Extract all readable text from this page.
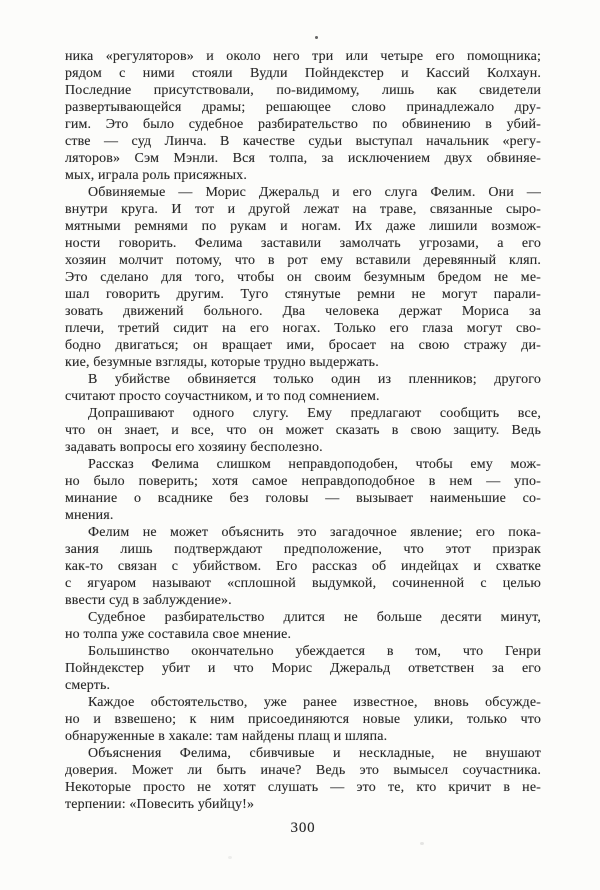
ника «регуляторов» и около него три или четыре его помощника;
рядом с ними стояли Вудли Пойндекстер и Кассий Колхаун.
Последние присутствовали, по-видимому, лишь как свидетели
развертывающейся драмы; решающее слово принадлежало дру-
гим. Это было судебное разбирательство по обвинению в убий-
стве — суд Линча. В качестве судьи выступал начальник «регу-
ляторов» Сэм Мэнли. Вся толпа, за исключением двух обвиняе-
мых, играла роль присяжных.
Обвиняемые — Морис Джеральд и его слуга Фелим. Они —
внутри круга. И тот и другой лежат на траве, связанные сыро-
мятными ремнями по рукам и ногам. Их даже лишили возмож-
ности говорить. Фелима заставили замолчать угрозами, а его
хозяин молчит потому, что в рот ему вставили деревянный кляп.
Это сделано для того, чтобы он своим безумным бредом не ме-
шал говорить другим. Туго стянутые ремни не могут парали-
зовать движений больного. Два человека держат Мориса за
плечи, третий сидит на его ногах. Только его глаза могут сво-
бодно двигаться; он вращает ими, бросает на свою стражу ди-
кие, безумные взгляды, которые трудно выдержать.
В убийстве обвиняется только один из пленников; другого
считают просто соучастником, и то под сомнением.
Допрашивают одного слугу. Ему предлагают сообщить все,
что он знает, и все, что он может сказать в свою защиту. Ведь
задавать вопросы его хозяину бесполезно.
Рассказ Фелима слишком неправдоподобен, чтобы ему мож-
но было поверить; хотя самое неправдоподобное в нем — упо-
минание о всаднике без головы — вызывает наименьшие со-
мнения.
Фелим не может объяснить это загадочное явление; его пока-
зания лишь подтверждают предположение, что этот призрак
как-то связан с убийством. Его рассказ об индейцах и схватке
с ягуаром называют «сплошной выдумкой, сочиненной с целью
ввести суд в заблуждение».
Судебное разбирательство длится не больше десяти минут,
но толпа уже составила свое мнение.
Большинство окончательно убеждается в том, что Генри
Пойндекстер убит и что Морис Джеральд ответствен за его
смерть.
Каждое обстоятельство, уже ранее известное, вновь обсужде-
но и взвешено; к ним присоединяются новые улики, только что
обнаруженные в хакале: там найдены плащ и шляпа.
Объяснения Фелима, сбивчивые и нескладные, не внушают
доверия. Может ли быть иначе? Ведь это вымысел соучастника.
Некоторые просто не хотят слушать — это те, кто кричит в не-
терпении: «Повесить убийцу!»
300
